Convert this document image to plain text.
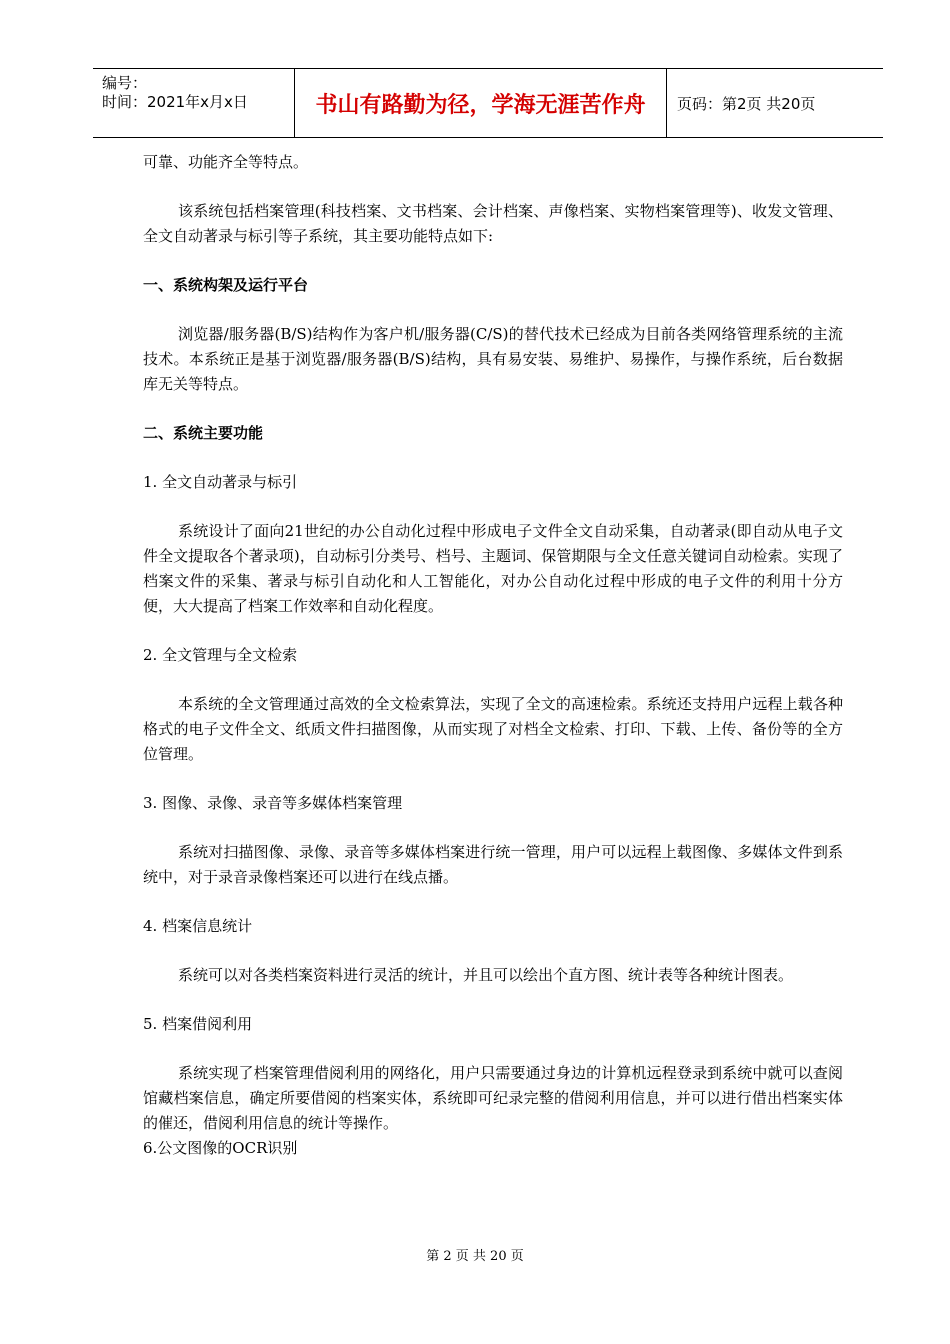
编号：
时间：2021年x月x日	书山有路勤为径，学海无涯苦作舟	页码：第2页 共20页

可靠、功能齐全等特点。

该系统包括档案管理(科技档案、文书档案、会计档案、声像档案、实物档案管理等)、收发文管理、全文自动著录与标引等子系统，其主要功能特点如下:

一、系统构架及运行平台

浏览器/服务器(B/S)结构作为客户机/服务器(C/S)的替代技术已经成为目前各类网络管理系统的主流技术。本系统正是基于浏览器/服务器(B/S)结构，具有易安装、易维护、易操作，与操作系统，后台数据库无关等特点。

二、系统主要功能

1. 全文自动著录与标引

系统设计了面向21世纪的办公自动化过程中形成电子文件全文自动采集，自动著录(即自动从电子文件全文提取各个著录项)，自动标引分类号、档号、主题词、保管期限与全文任意关键词自动检索。实现了档案文件的采集、著录与标引自动化和人工智能化，对办公自动化过程中形成的电子文件的利用十分方便，大大提高了档案工作效率和自动化程度。

2. 全文管理与全文检索

本系统的全文管理通过高效的全文检索算法，实现了全文的高速检索。系统还支持用户远程上载各种格式的电子文件全文、纸质文件扫描图像，从而实现了对档全文检索、打印、下载、上传、备份等的全方位管理。

3. 图像、录像、录音等多媒体档案管理

系统对扫描图像、录像、录音等多媒体档案进行统一管理，用户可以远程上载图像、多媒体文件到系统中，对于录音录像档案还可以进行在线点播。

4. 档案信息统计

系统可以对各类档案资料进行灵活的统计，并且可以绘出个直方图、统计表等各种统计图表。

5. 档案借阅利用

系统实现了档案管理借阅利用的网络化，用户只需要通过身边的计算机远程登录到系统中就可以查阅馆藏档案信息，确定所要借阅的档案实体，系统即可纪录完整的借阅利用信息，并可以进行借出档案实体的催还，借阅利用信息的统计等操作。

6.公文图像的OCR识别

第 2 页 共 20 页
